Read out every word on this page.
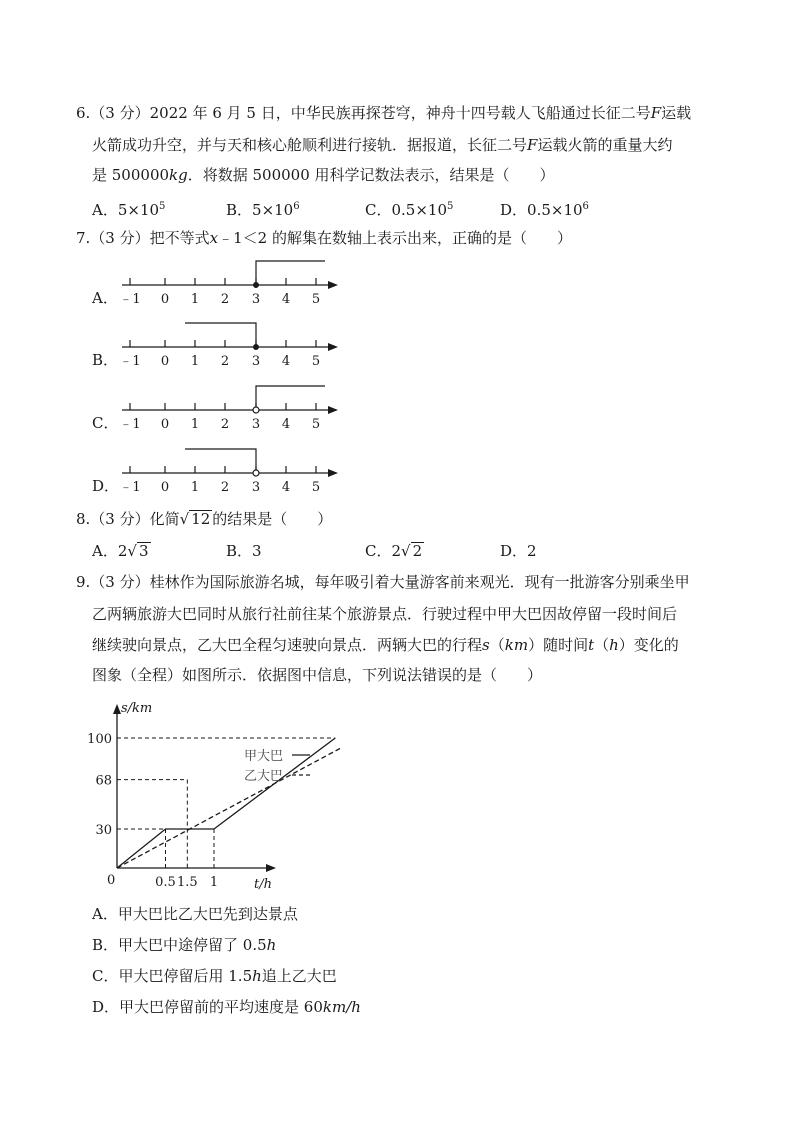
6.（3 分）2022 年 6 月 5 日，中华民族再探苍穹，神舟十四号载人飞船通过长征二号F运载
火箭成功升空，并与天和核心舱顺利进行接轨．据报道，长征二号F运载火箭的重量大约
是 500000kg．将数据 500000 用科学记数法表示，结果是（　　）
A．$5\times 10^5$	B．$5\times 10^6$	C．$0.5\times 10^5$	D．$0.5\times 10^6$
7.（3 分）把不等式x﹣1＜2 的解集在数轴上表示出来，正确的是（　　）
A．
B．
C．
D．
﹣1 0 1 2 3 4 5
﹣1 0 1 2 3 4 5
﹣1 0 1 2 3 4 5
﹣1 0 1 2 3 4 5
8.（3 分）化简√ 12 的结果是（　　）
A．2√ 3	B．3	C．2√ 2	D．2
9.（3 分）桂林作为国际旅游名城，每年吸引着大量游客前来观光．现有一批游客分别乘坐甲
乙两辆旅游大巴同时从旅行社前往某个旅游景点．行驶过程中甲大巴因故停留一段时间后
继续驶向景点，乙大巴全程匀速驶向景点．两辆大巴的行程s（km）随时间t（h）变化的
图象（全程）如图所示．依据图中信息，下列说法错误的是（　　）
s/km
t/h
0	0.5	1
1.5
30
68
100
甲大巴
乙大巴
A．甲大巴比乙大巴先到达景点
B．甲大巴中途停留了 0.5h
C．甲大巴停留后用 1.5h追上乙大巴
D．甲大巴停留前的平均速度是 60km/h
